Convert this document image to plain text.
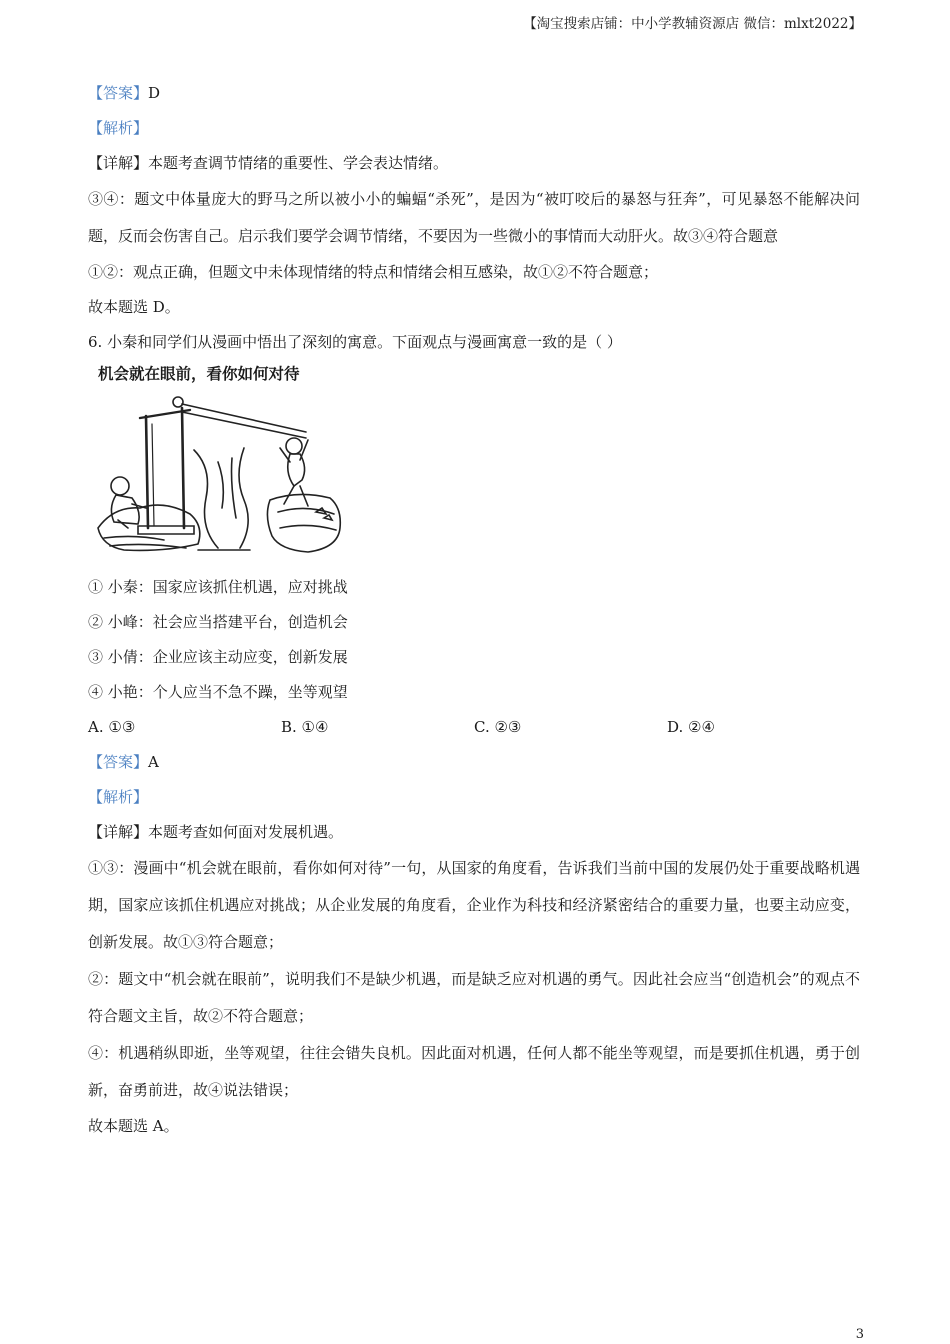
【淘宝搜索店铺：中小学教辅资源店 微信：mlxt2022】
【答案】D
【解析】
【详解】本题考查调节情绪的重要性、学会表达情绪。
③④：题文中体量庞大的野马之所以被小小的蝙蝠“杀死”，是因为“被叮咬后的暴怒与狂奔”，可见暴怒不能解决问题，反而会伤害自己。启示我们要学会调节情绪，不要因为一些微小的事情而大动肝火。故③④符合题意
①②：观点正确，但题文中未体现情绪的特点和情绪会相互感染，故①②不符合题意；
故本题选 D。
6. 小秦和同学们从漫画中悟出了深刻的寓意。下面观点与漫画寓意一致的是（ ）
机会就在眼前，看你如何对待
① 小秦：国家应该抓住机遇，应对挑战
② 小峰：社会应当搭建平台，创造机会
③ 小倩：企业应该主动应变，创新发展
④ 小艳：个人应当不急不躁，坐等观望
A. ①③	B. ①④	C. ②③	D. ②④
【答案】A
【解析】
【详解】本题考查如何面对发展机遇。
①③：漫画中“机会就在眼前，看你如何对待”一句，从国家的角度看，告诉我们当前中国的发展仍处于重要战略机遇期，国家应该抓住机遇应对挑战；从企业发展的角度看，企业作为科技和经济紧密结合的重要力量，也要主动应变，创新发展。故①③符合题意；
②：题文中“机会就在眼前”，说明我们不是缺少机遇，而是缺乏应对机遇的勇气。因此社会应当“创造机会”的观点不符合题文主旨，故②不符合题意；
④：机遇稍纵即逝，坐等观望，往往会错失良机。因此面对机遇，任何人都不能坐等观望，而是要抓住机遇，勇于创新，奋勇前进，故④说法错误；
故本题选 A。
3
